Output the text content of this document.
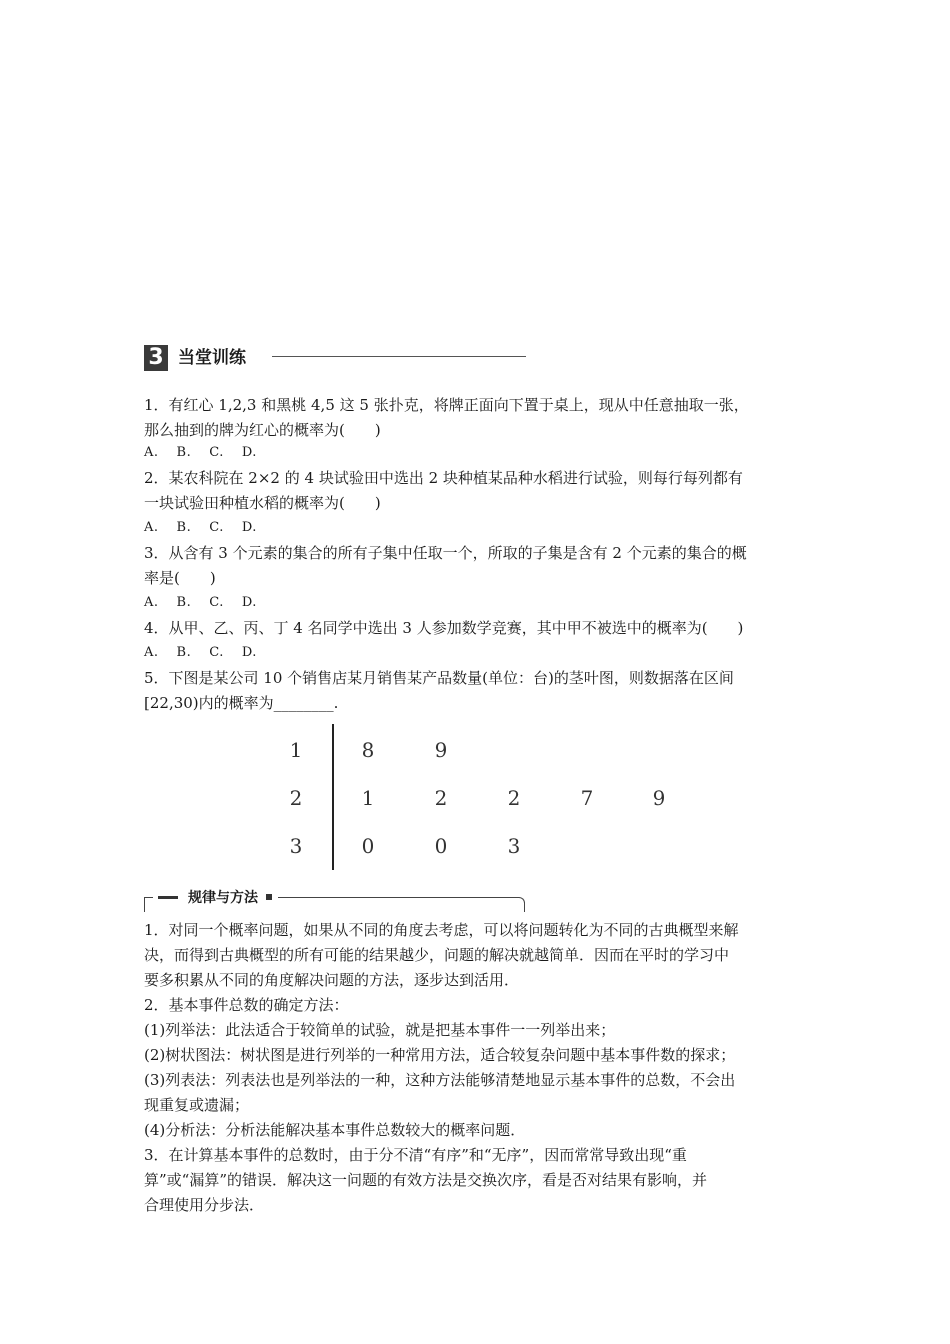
3 当堂训练
1．有红心 1,2,3 和黑桃 4,5 这 5 张扑克，将牌正面向下置于桌上，现从中任意抽取一张，
那么抽到的牌为红心的概率为(　　)
A. B. C. D.
2．某农科院在 2×2 的 4 块试验田中选出 2 块种植某品种水稻进行试验，则每行每列都有
一块试验田种植水稻的概率为(　　)
A. B. C. D.
3．从含有 3 个元素的集合的所有子集中任取一个，所取的子集是含有 2 个元素的集合的概
率是(　　)
A. B. C. D.
4．从甲、乙、丙、丁 4 名同学中选出 3 人参加数学竞赛，其中甲不被选中的概率为(　　)
A. B. C. D.
5．下图是某公司 10 个销售店某月销售某产品数量(单位：台)的茎叶图，则数据落在区间
[22,30)内的概率为________.
1	8	9
2	1	2	2	7	9
3	0	0	3
规律与方法
1．对同一个概率问题，如果从不同的角度去考虑，可以将问题转化为不同的古典概型来解
决，而得到古典概型的所有可能的结果越少，问题的解决就越简单．因而在平时的学习中
要多积累从不同的角度解决问题的方法，逐步达到活用．
2．基本事件总数的确定方法：
(1)列举法：此法适合于较简单的试验，就是把基本事件一一列举出来；
(2)树状图法：树状图是进行列举的一种常用方法，适合较复杂问题中基本事件数的探求；
(3)列表法：列表法也是列举法的一种，这种方法能够清楚地显示基本事件的总数，不会出
现重复或遗漏；
(4)分析法：分析法能解决基本事件总数较大的概率问题．
3．在计算基本事件的总数时，由于分不清“有序”和“无序”，因而常常导致出现“重
算”或“漏算”的错误．解决这一问题的有效方法是交换次序，看是否对结果有影响，并
合理使用分步法．
